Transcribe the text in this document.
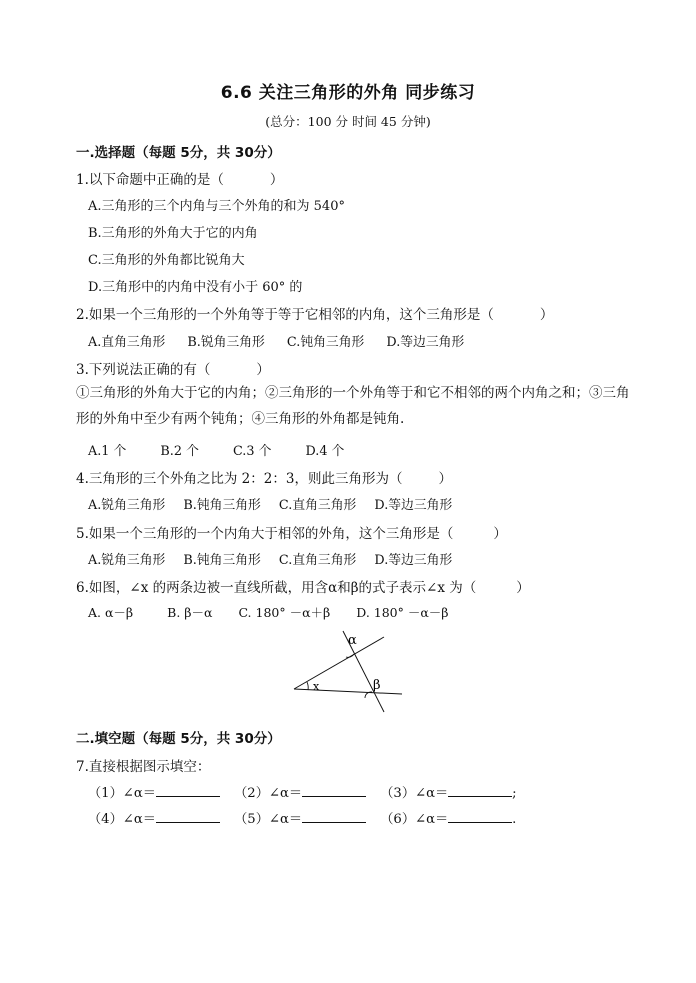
6.6 关注三角形的外角 同步练习
(总分：100 分 时间 45 分钟)
一.选择题（每题 5分，共 30分）
1.以下命题中正确的是（	）
A.三角形的三个内角与三个外角的和为 540°
B.三角形的外角大于它的内角
C.三角形的外角都比锐角大
D.三角形中的内角中没有小于 60° 的
2.如果一个三角形的一个外角等于等于它相邻的内角，这个三角形是（	）
A.直角三角形 B.锐角三角形 C.钝角三角形 D.等边三角形
3.下列说法正确的有（	）
①三角形的外角大于它的内角；②三角形的一个外角等于和它不相邻的两个内角之和；③三角形的外角中至少有两个钝角；④三角形的外角都是钝角.
A.1 个	B.2 个	C.3 个	D.4 个
4.三角形的三个外角之比为 2：2：3，则此三角形为（	）
A.锐角三角形 B.钝角三角形 C.直角三角形 D.等边三角形
5.如果一个三角形的一个内角大于相邻的外角，这个三角形是（	）
A.锐角三角形 B.钝角三角形 C.直角三角形 D.等边三角形
6.如图，∠x 的两条边被一直线所截，用含α和β的式子表示∠x 为（	）
A. α－β	B. β－α C. 180° －α＋β D. 180° －α－β
α
β
x
二.填空题（每题 5分，共 30分）
7.直接根据图示填空：
（1）∠α＝	（2）∠α＝	（3）∠α＝	;
（4）∠α＝	（5）∠α＝	（6）∠α＝	.
